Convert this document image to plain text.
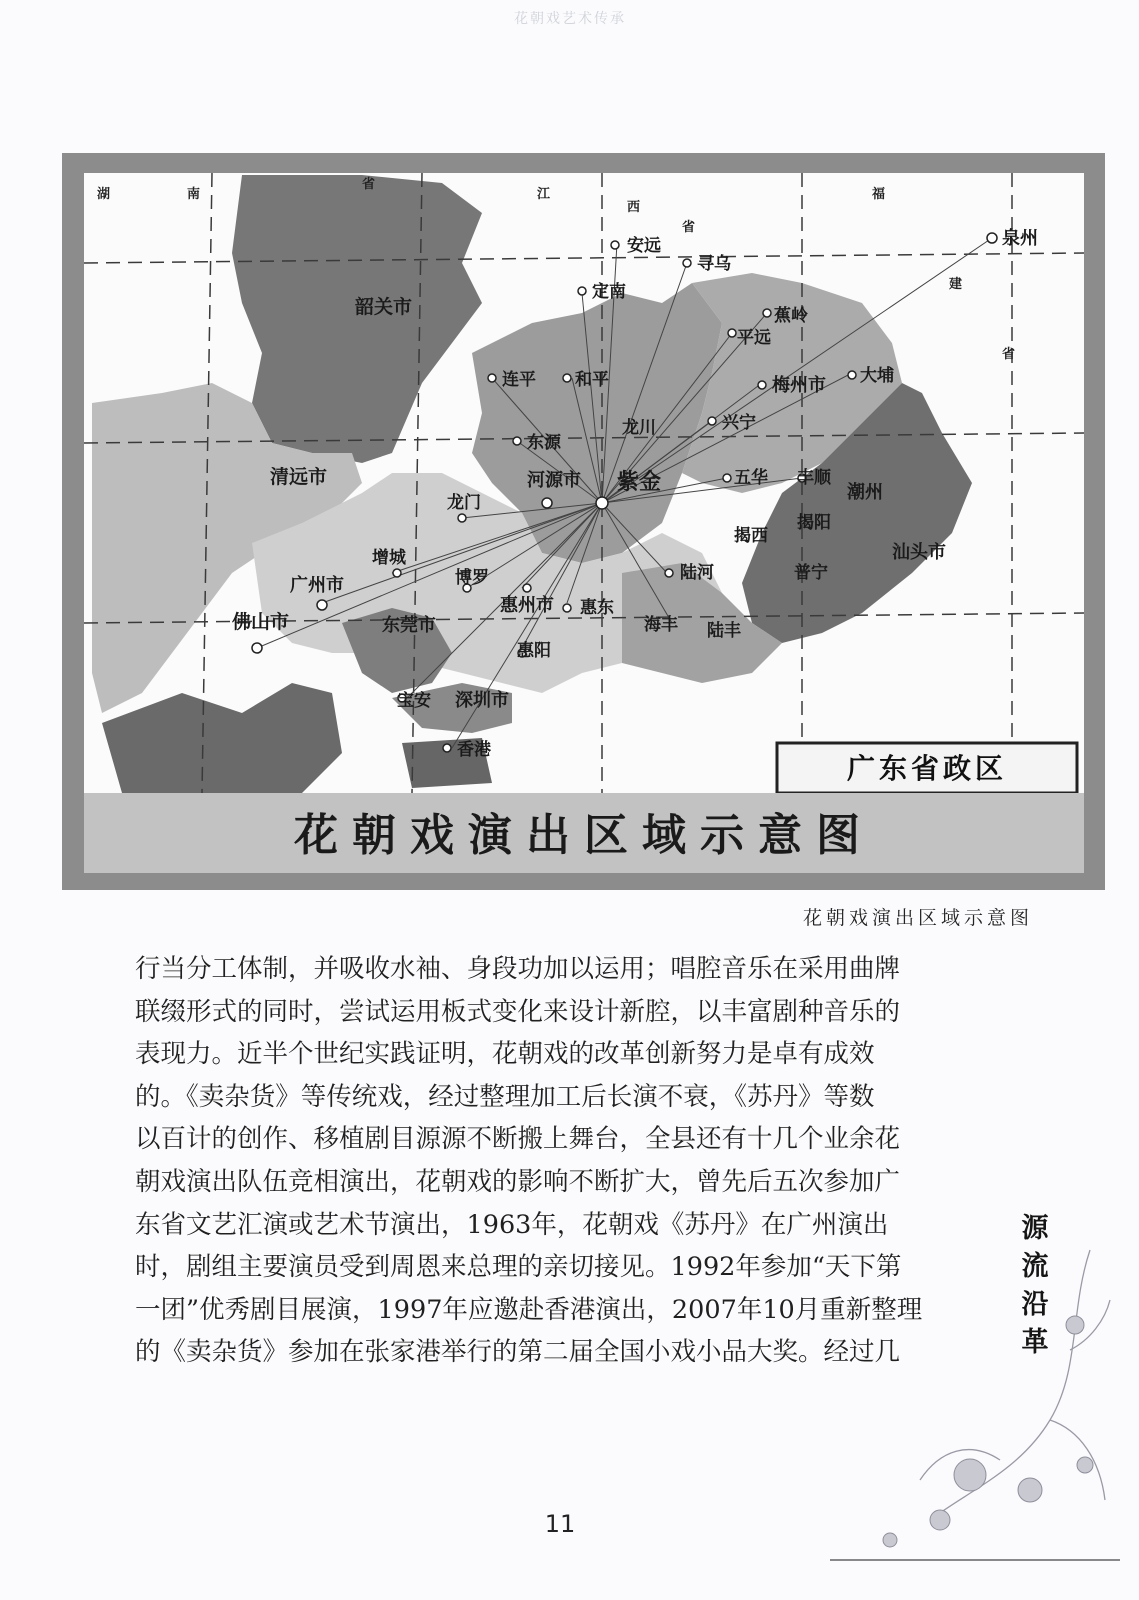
花朝戏艺术传承
广东省政区
花朝戏演出区域示意图
湖	南
省
江
西
省
福
建
省
安远
寻乌
泉州
定南
韶关市	蕉岭
平远
连平 和平	梅州市 大埔
龙川	兴宁
东源
清远市	河源市 紫金	五华 丰顺
潮州
龙门
揭西
揭阳
增城
广州市
汕头市
陆河	普宁
博罗
惠州市 惠东
佛山市	东莞市	海丰 陆丰
惠阳
宝安 深圳市
香港
花朝戏演出区域示意图

行当分工体制，并吸收水袖、身段功加以运用；唱腔音乐在采用曲牌

联缀形式的同时，尝试运用板式变化来设计新腔，以丰富剧种音乐的

表现力。近半个世纪实践证明，花朝戏的改革创新努力是卓有成效

的。《卖杂货》等传统戏，经过整理加工后长演不衰，《苏丹》等数

以百计的创作、移植剧目源源不断搬上舞台，全县还有十几个业余花

朝戏演出队伍竞相演出，花朝戏的影响不断扩大，曾先后五次参加广

东省文艺汇演或艺术节演出，1963年，花朝戏《苏丹》在广州演出

时，剧组主要演员受到周恩来总理的亲切接见。1992年参加“天下第

一团”优秀剧目展演，1997年应邀赴香港演出，2007年10月重新整理

的《卖杂货》参加在张家港举行的第二届全国小戏小品大奖。经过几

源
流
沿
革
11
